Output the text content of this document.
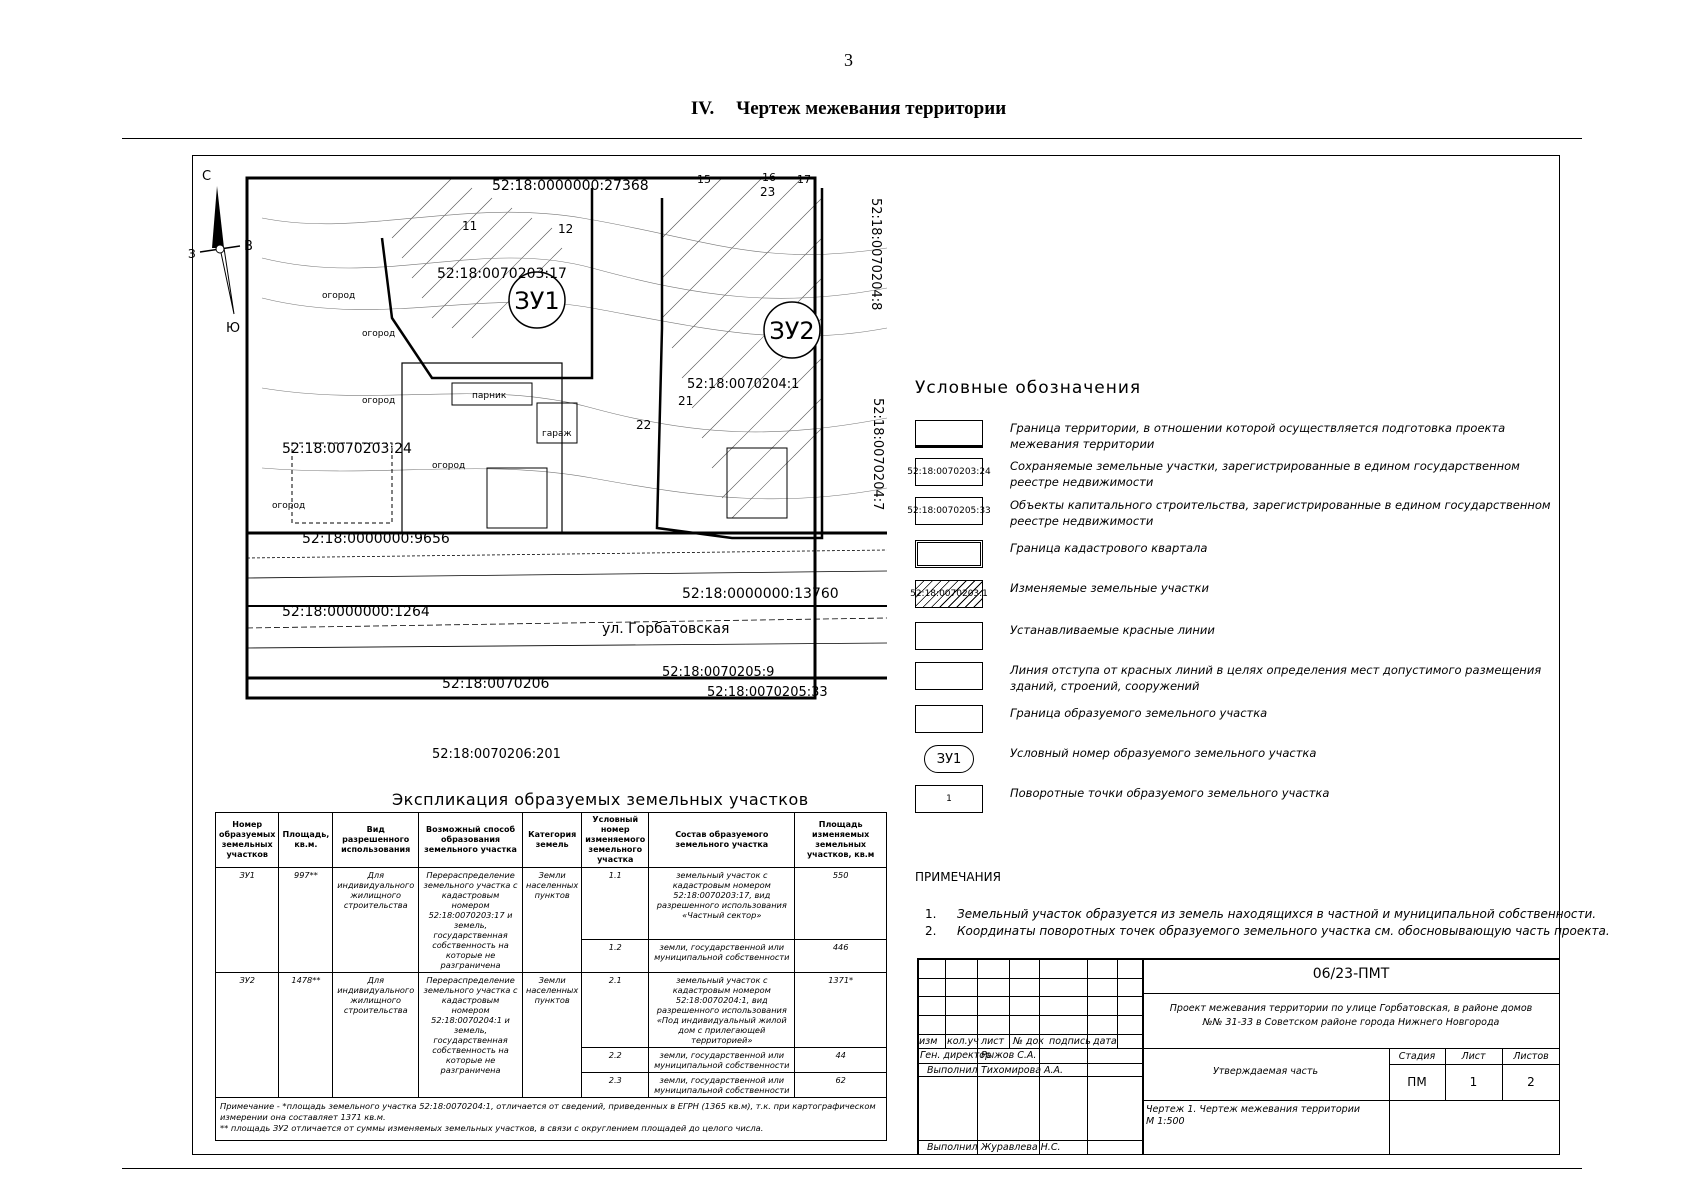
3
IV. Чертеж межевания территории
С
З	В
Ю
ЗУ1
ЗУ2
52:18:0000000:27368
52:18:0070203:17
52:18:0070203:24
52:18:0000000:9656
52:18:0000000:13760
52:18:0000000:1264
52:18:0070206
52:18:0070205:9
52:18:0070205:33
52:18:0070206:201
52:18:0070204:8
52:18:0070204:7
52:18:0070204:1
огород
огород
огород
огород
огород
парник
гараж
ул. Горбатовская
11	12
15	16 17
21
22
23
Условные обозначения
Граница территории, в отношении которой осуществляется подготовка проекта межевания территории
52:18:0070203:24 Сохраняемые земельные участки, зарегистрированные в едином государственном реестре недвижимости
52:18:0070205:33 Объекты капитального строительства, зарегистрированные в едином государственном реестре недвижимости
Граница кадастрового квартала
52:18:0070203:1 Изменяемые земельные участки
Устанавливаемые красные линии
Линия отступа от красных линий в целях определения мест допустимого размещения зданий, строений, сооружений
Граница образуемого земельного участка
ЗУ1	Условный номер образуемого земельного участка
1	Поворотные точки образуемого земельного участка
ПРИМЕЧАНИЯ
1. Земельный участок образуется из земель находящихся в частной и муниципальной собственности.
2. Координаты поворотных точек образуемого земельного участка см. обосновывающую часть проекта.
Экспликация образуемых земельных участков
Номер образуемых земельных участков	Площадь, кв.м.	Вид разрешенного использования	Возможный способ образования земельного участка	Категория земель	Условный номер изменяемого земельного участка	Состав образуемого земельного участка	Площадь изменяемых земельных участков, кв.м
ЗУ1	997**	Для индивидуального жилищного строительства	Перераспределение земельного участка с кадастровым номером 52:18:0070203:17 и земель, государственная собственность на которые не разграничена	Земли населенных пунктов	1.1	земельный участок с кадастровым номером 52:18:0070203:17, вид разрешенного использования «Частный сектор»	550
					1.2	земли, государственной или муниципальной собственности	446
ЗУ2	1478**	Для индивидуального жилищного строительства	Перераспределение земельного участка с кадастровым номером 52:18:0070204:1 и земель, государственная собственность на которые не разграничена	Земли населенных пунктов	2.1	земельный участок с кадастровым номером 52:18:0070204:1, вид разрешенного использования «Под индивидуальный жилой дом с прилегающей территорией»	1371*
					2.2	земли, государственной или муниципальной собственности	44
					2.3	земли, государственной или муниципальной собственности	62
Примечание - *площадь земельного участка 52:18:0070204:1, отличается от сведений, приведенных в ЕГРН (1365 кв.м), т.к. при картографическом измерении она составляет 1371 кв.м.
** площадь ЗУ2 отличается от суммы изменяемых земельных участков, в связи с округлением площадей до целого числа.
изм кол.уч лист № док подпись дата
Ген. директор
Рыжов С.А.
Выполнил Тихомирова А.А.
Выполнил Журавлева Н.С.
06/23-ПМТ
Проект межевания территории по улице Горбатовская, в районе домов №№ 31-33 в Советском районе города Нижнего Новгорода
Утверждаемая часть
Стадия	Лист	Листов
ПМ	1	2
Чертеж 1. Чертеж межевания территории
М 1:500
